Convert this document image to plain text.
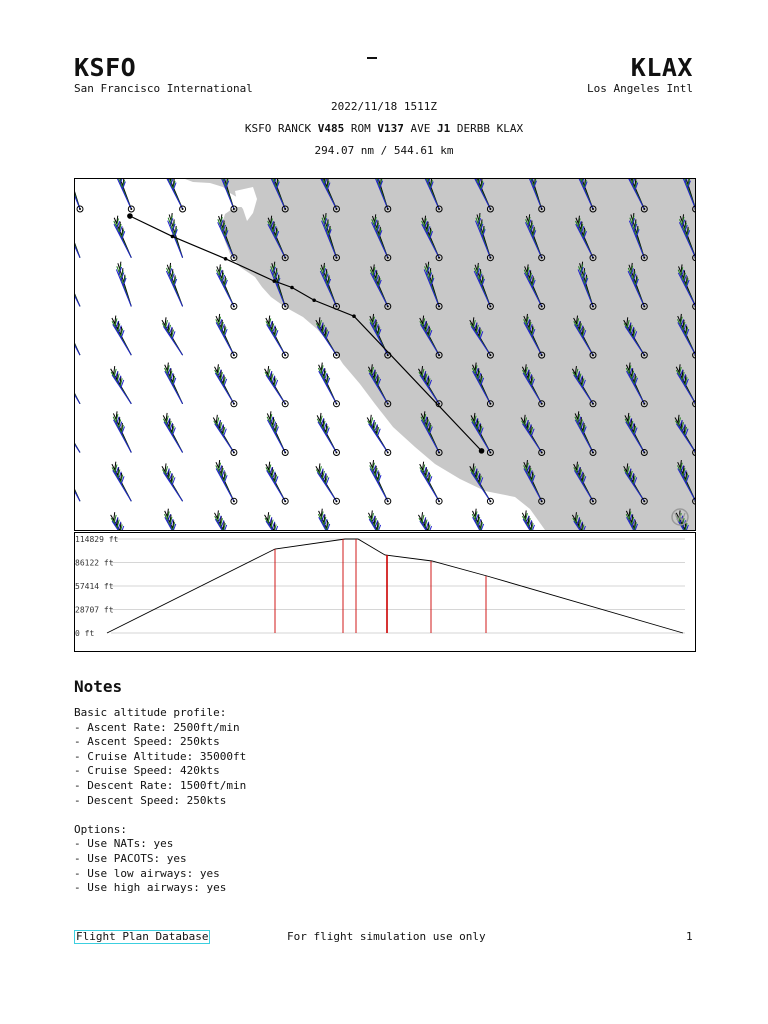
KSFO	KLAX
San Francisco International	Los Angeles Intl
2022/11/18 1511Z
KSFO RANCK V485 ROM V137 AVE J1 DERBB KLAX
294.07 nm / 544.61 km
114829 ft
86122 ft
57414 ft
28707 ft
0 ft
Notes
Basic altitude profile:
- Ascent Rate: 2500ft/min
- Ascent Speed: 250kts
- Cruise Altitude: 35000ft
- Cruise Speed: 420kts
- Descent Rate: 1500ft/min
- Descent Speed: 250kts

Options:
- Use NATs: yes
- Use PACOTS: yes
- Use low airways: yes
- Use high airways: yes
Flight Plan Database	For flight simulation use only	1
